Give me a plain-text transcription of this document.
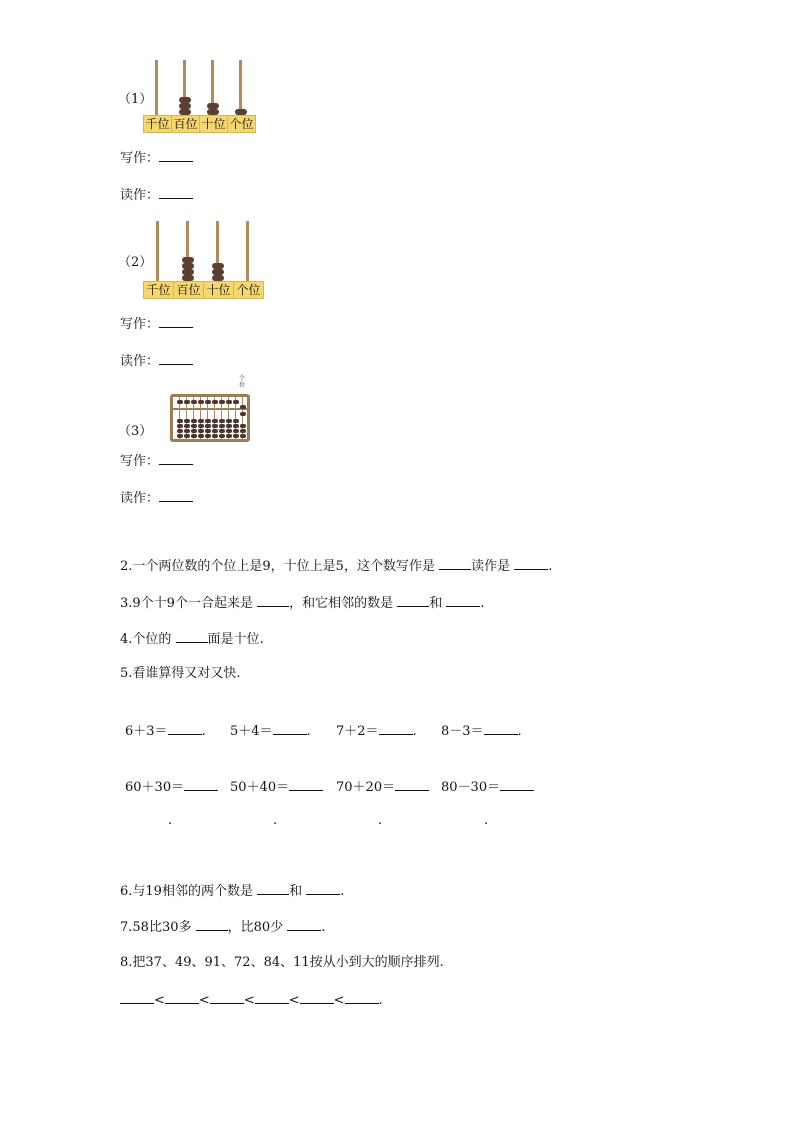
（1）
千位 百位 十位 个位
写作：
读作：
（2）
千位 百位 十位 个位
写作：
读作：
（3）
个
位
写作：
读作：
2.一个两位数的个位上是9，十位上是5，这个数写作是 读作是	.
3.9个十9个一合起来是 ，和它相邻的数是 和	.
4.个位的 面是十位.
5.看谁算得又对又快.
6＋3＝	. 5＋4＝	. 7＋2＝	. 8－3＝	.
60＋30＝	50＋40＝	70＋20＝	80－30＝
.	.	.	.
6.与19相邻的两个数是 和	.
7.58比30多 ，比80少	.
8.把37、49、91、72、84、11按从小到大的顺序排列.
<	<	<	<	<	.
